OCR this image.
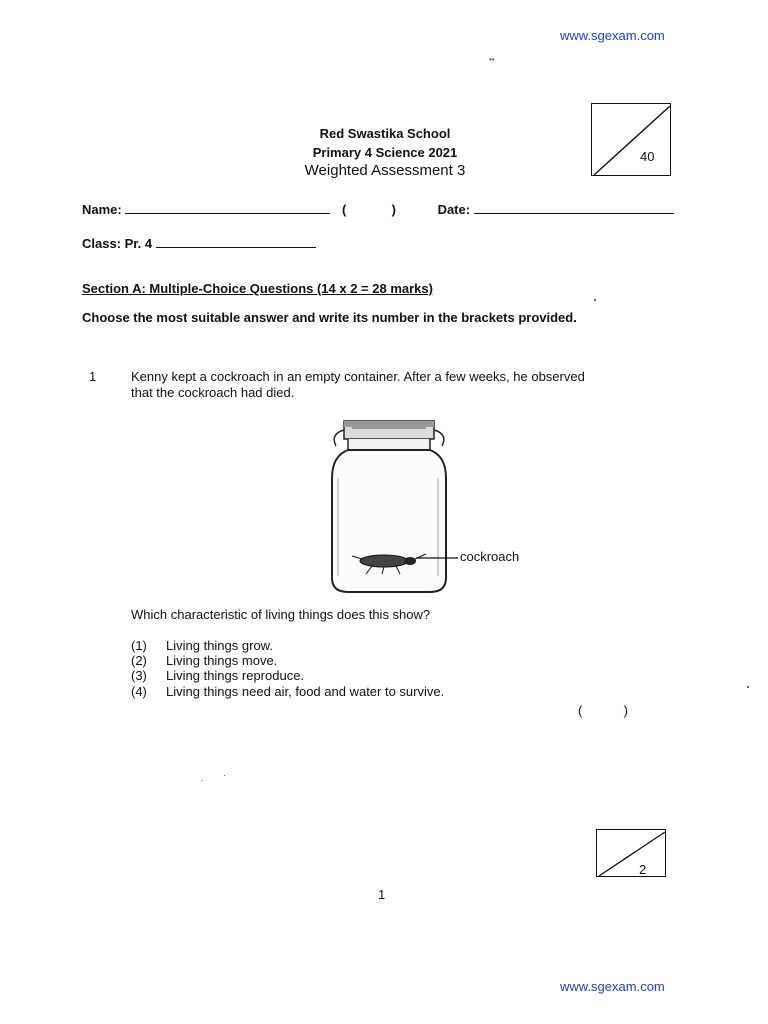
www.sgexam.com
••
Red Swastika School
Primary 4 Science 2021
Weighted Assessment 3
40
Name:	(	)	Date:
Class: Pr. 4
Section A: Multiple-Choice Questions (14 x 2 = 28 marks)
Choose the most suitable answer and write its number in the brackets provided.
1	Kenny kept a cockroach in an empty container. After a few weeks, he observed
that the cockroach had died.
cockroach
Which characteristic of living things does this show?
(1) Living things grow.
(2) Living things move.
(3) Living things reproduce.
(4) Living things need air, food and water to survive.
(	)
2
1
www.sgexam.com
